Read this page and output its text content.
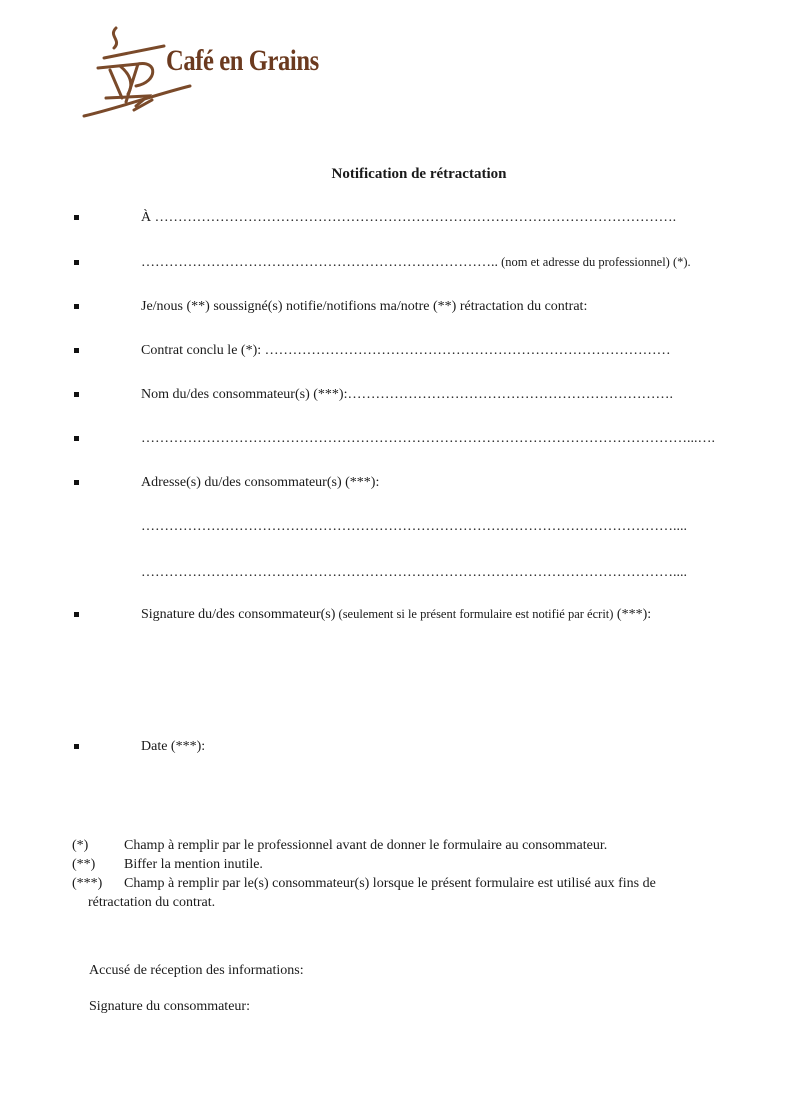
Café en Grains
Notification de rétractation
À ………………………………………………………………………………………………….
………………………………………………………………….. (nom et adresse du professionnel) (*).
Je/nous (**) soussigné(s) notifie/notifions ma/notre (**) rétractation du contrat:
Contrat conclu le (*): ……………………………………………………………………………
Nom du/des consommateur(s) (***):…………………………………………………………….
………………………………………………………………………………………………………...….
Adresse(s) du/des consommateur(s) (***):
……………………………………………………………………………………………………....
……………………………………………………………………………………………………....
Signature du/des consommateur(s) (seulement si le présent formulaire est notifié par écrit) (***):
Date (***):
(*)	Champ à remplir par le professionnel avant de donner le formulaire au consommateur.
(**) Biffer la mention inutile.
(***) Champ à remplir par le(s) consommateur(s) lorsque le présent formulaire est utilisé aux fins de
rétractation du contrat.
Accusé de réception des informations:
Signature du consommateur:
